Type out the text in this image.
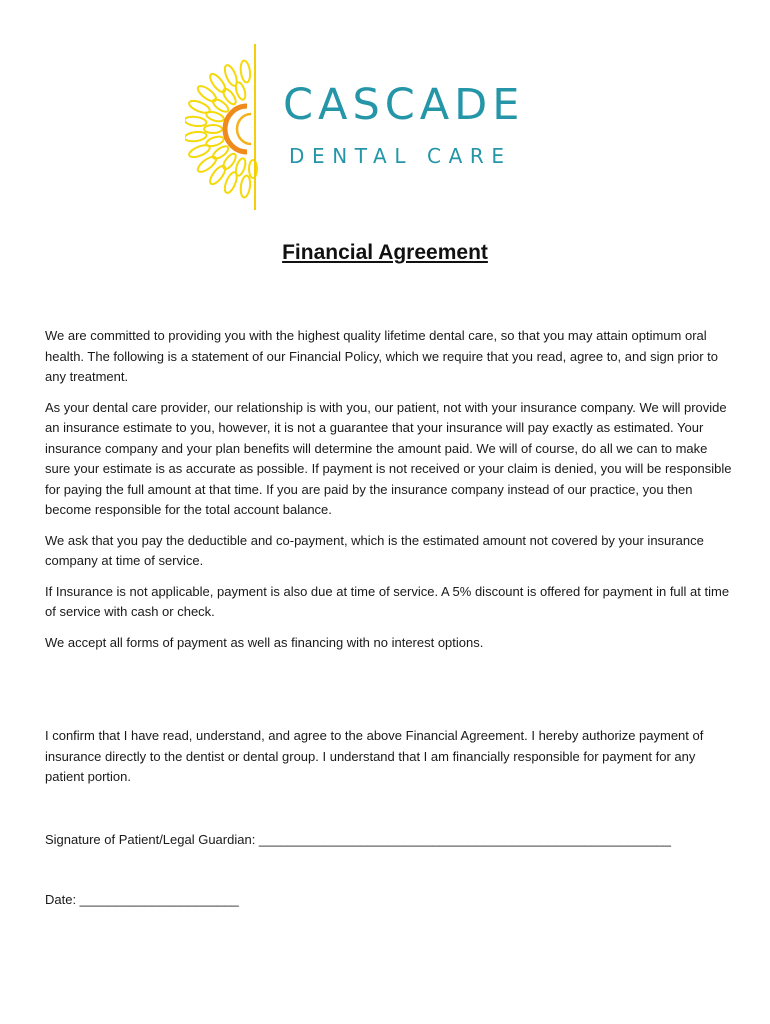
CASCADE
DENTAL CARE
Financial Agreement

We are committed to providing you with the highest quality lifetime dental care, so that you may attain optimum oral health. The following is a statement of our Financial Policy, which we require that you read, agree to, and sign prior to any treatment.

As your dental care provider, our relationship is with you, our patient, not with your insurance company. We will provide an insurance estimate to you, however, it is not a guarantee that your insurance will pay exactly as estimated. Your insurance company and your plan benefits will determine the amount paid. We will of course, do all we can to make sure your estimate is as accurate as possible. If payment is not received or your claim is denied, you will be responsible for paying the full amount at that time. If you are paid by the insurance company instead of our practice, you then become responsible for the total account balance.

We ask that you pay the deductible and co-payment, which is the estimated amount not covered by your insurance company at time of service.

If Insurance is not applicable, payment is also due at time of service. A 5% discount is offered for payment in full at time of service with cash or check.

We accept all forms of payment as well as financing with no interest options.

I confirm that I have read, understand, and agree to the above Financial Agreement. I hereby authorize payment of insurance directly to the dentist or dental group. I understand that I am financially responsible for payment for any patient portion.

Signature of Patient/Legal Guardian: _________________________________________________________
Date: ______________________
